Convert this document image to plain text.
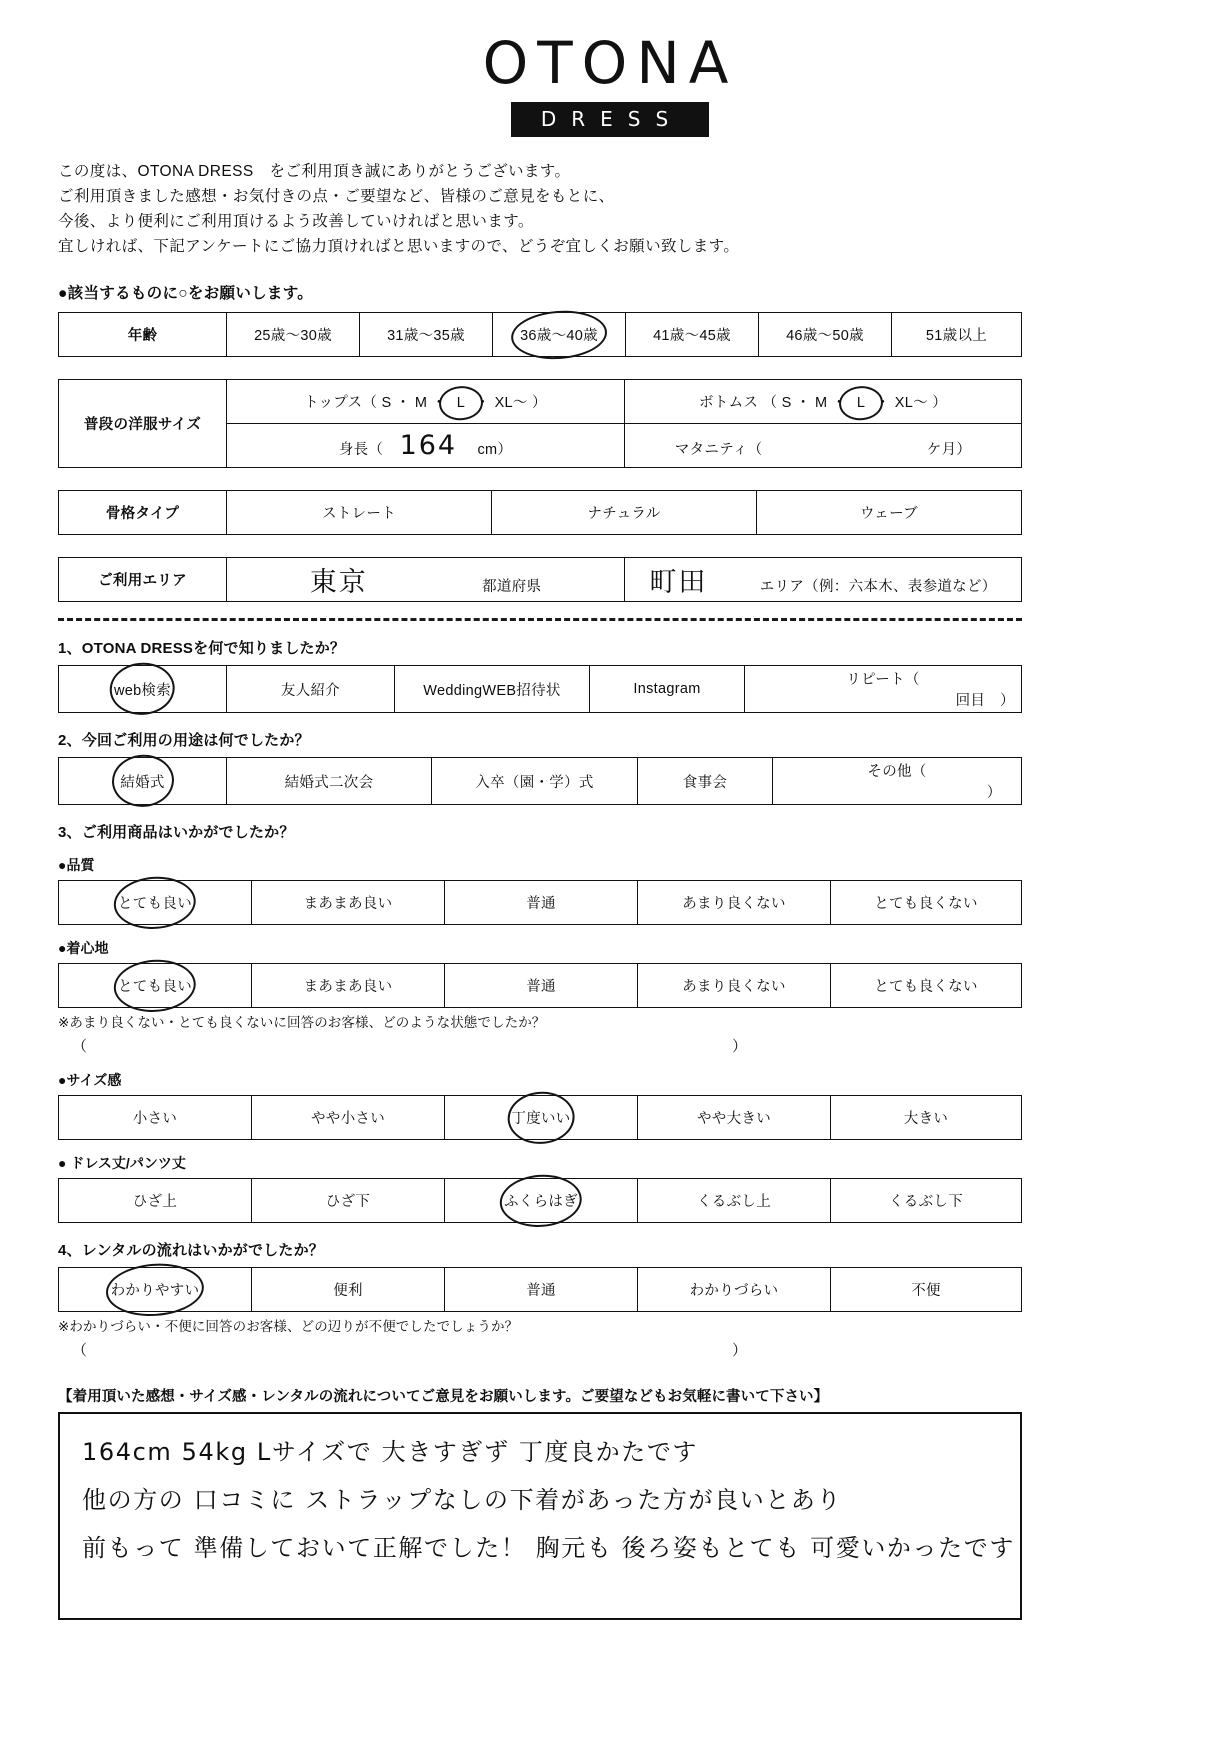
OTONA
DRESS
この度は、OTONA DRESS　をご利用頂き誠にありがとうございます。
ご利用頂きました感想・お気付きの点・ご要望など、皆様のご意見をもとに、
今後、より便利にご利用頂けるよう改善していければと思います。
宜しければ、下記アンケートにご協力頂ければと思いますので、どうぞ宜しくお願い致します。
●該当するものに○をお願いします。
年齢	25歳～30歳	31歳～35歳	36歳～40歳	41歳～45歳	46歳～50歳	51歳以上
普段の洋服サイズ	トップス（ S ・ M ・ L ・ XL～ ）	ボトムス （ S ・ M ・ L ・ XL～ ）
	身長（ 164 cm）	マタニティ（ ケ月）
骨格タイプ	ストレート	ナチュラル	ウェーブ
ご利用エリア	東京	都道府県	町田	エリア（例：六本木、表参道など）
1、OTONA DRESSを何で知りましたか？
web検索	友人紹介	WeddingWEB招待状	Instagram	リピート（  回目　）
2、今回ご利用の用途は何でしたか？
結婚式	結婚式二次会	入卒（園・学）式	食事会	その他（  ）
3、ご利用商品はいかがでしたか？
●品質
とても良い	まあまあ良い	普通	あまり良くない	とても良くない
●着心地
とても良い	まあまあ良い	普通	あまり良くない	とても良くない
※あまり良くない・とても良くないに回答のお客様、どのような状態でしたか？
（	）
●サイズ感
小さい	やや小さい	丁度いい	やや大きい	大きい
● ドレス丈/パンツ丈
ひざ上	ひざ下	ふくらはぎ	くるぶし上	くるぶし下
4、レンタルの流れはいかがでしたか？
わかりやすい	便利	普通	わかりづらい	不便
※わかりづらい・不便に回答のお客様、どの辺りが不便でしたでしょうか？
（	）
【着用頂いた感想・サイズ感・レンタルの流れについてご意見をお願いします。ご要望などもお気軽に書いて下さい】
164cm 54kg Lサイズで 大きすぎず 丁度良かたです
他の方の 口コミに ストラップなしの下着があった方が良いとあり
前もって 準備しておいて正解でした！ 胸元も 後ろ姿もとても 可愛いかったです
ㅤ
